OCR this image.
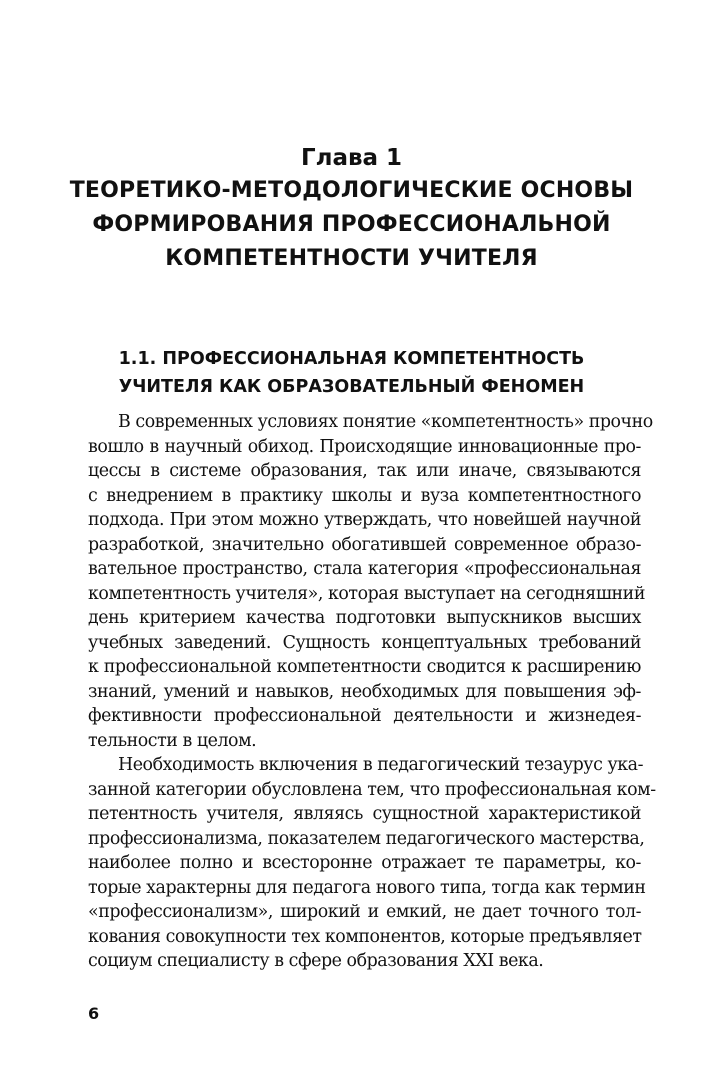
Глава 1
ТЕОРЕТИКО-МЕТОДОЛОГИЧЕСКИЕ ОСНОВЫ
ФОРМИРОВАНИЯ ПРОФЕССИОНАЛЬНОЙ
КОМПЕТЕНТНОСТИ УЧИТЕЛЯ
1.1. ПРОФЕССИОНАЛЬНАЯ КОМПЕТЕНТНОСТЬ
УЧИТЕЛЯ КАК ОБРАЗОВАТЕЛЬНЫЙ ФЕНОМЕН
В современных условиях понятие «компетентность» прочно
вошло в научный обиход. Происходящие инновационные про-
цессы в системе образования, так или иначе, связываются
с внедрением в практику школы и вуза компетентностного
подхода. При этом можно утверждать, что новейшей научной
разработкой, значительно обогатившей современное образо-
вательное пространство, стала категория «профессиональная
компетентность учителя», которая выступает на сегодняшний
день критерием качества подготовки выпускников высших
учебных заведений. Сущность концептуальных требований
к профессиональной компетентности сводится к расширению
знаний, умений и навыков, необходимых для повышения эф-
фективности профессиональной деятельности и жизнедея-
тельности в целом.
Необходимость включения в педагогический тезаурус ука-
занной категории обусловлена тем, что профессиональная ком-
петентность учителя, являясь сущностной характеристикой
профессионализма, показателем педагогического мастерства,
наиболее полно и всесторонне отражает те параметры, ко-
торые характерны для педагога нового типа, тогда как термин
«профессионализм», широкий и емкий, не дает точного тол-
кования совокупности тех компонентов, которые предъявляет
социум специалисту в сфере образования XXI века.
6
